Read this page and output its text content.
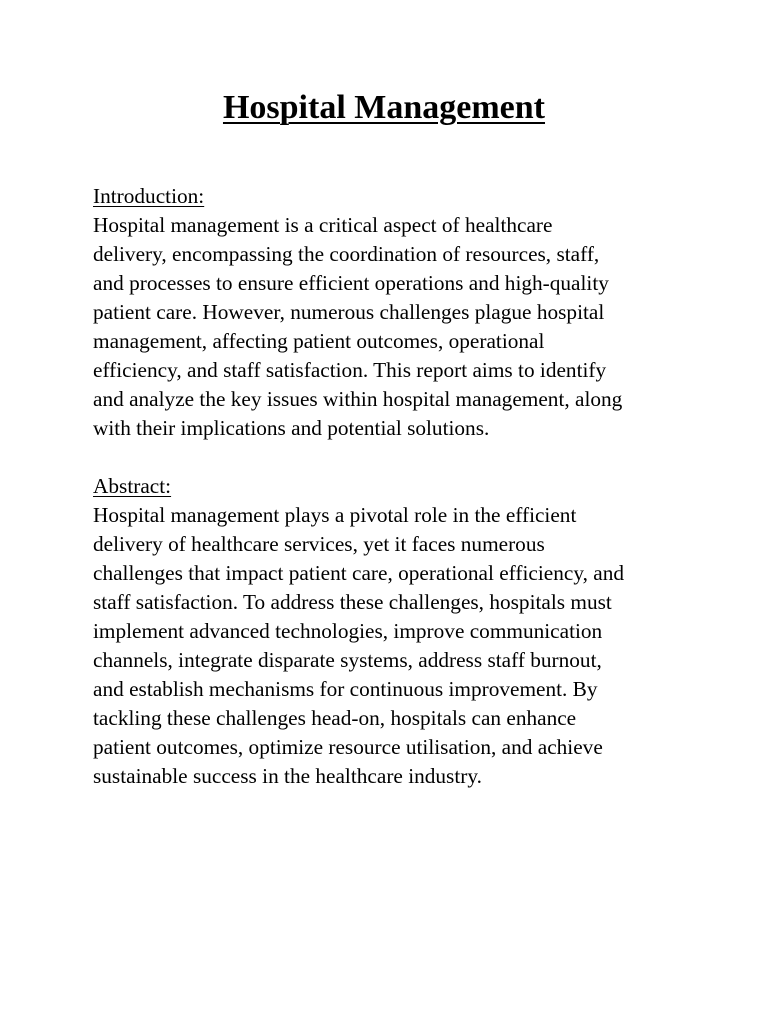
Hospital Management
Introduction:
Hospital management is a critical aspect of healthcare
delivery, encompassing the coordination of resources, staff,
and processes to ensure efficient operations and high-quality
patient care. However, numerous challenges plague hospital
management, affecting patient outcomes, operational
efficiency, and staff satisfaction. This report aims to identify
and analyze the key issues within hospital management, along
with their implications and potential solutions.
Abstract:
Hospital management plays a pivotal role in the efficient
delivery of healthcare services, yet it faces numerous
challenges that impact patient care, operational efficiency, and
staff satisfaction. To address these challenges, hospitals must
implement advanced technologies, improve communication
channels, integrate disparate systems, address staff burnout,
and establish mechanisms for continuous improvement. By
tackling these challenges head-on, hospitals can enhance
patient outcomes, optimize resource utilisation, and achieve
sustainable success in the healthcare industry.
